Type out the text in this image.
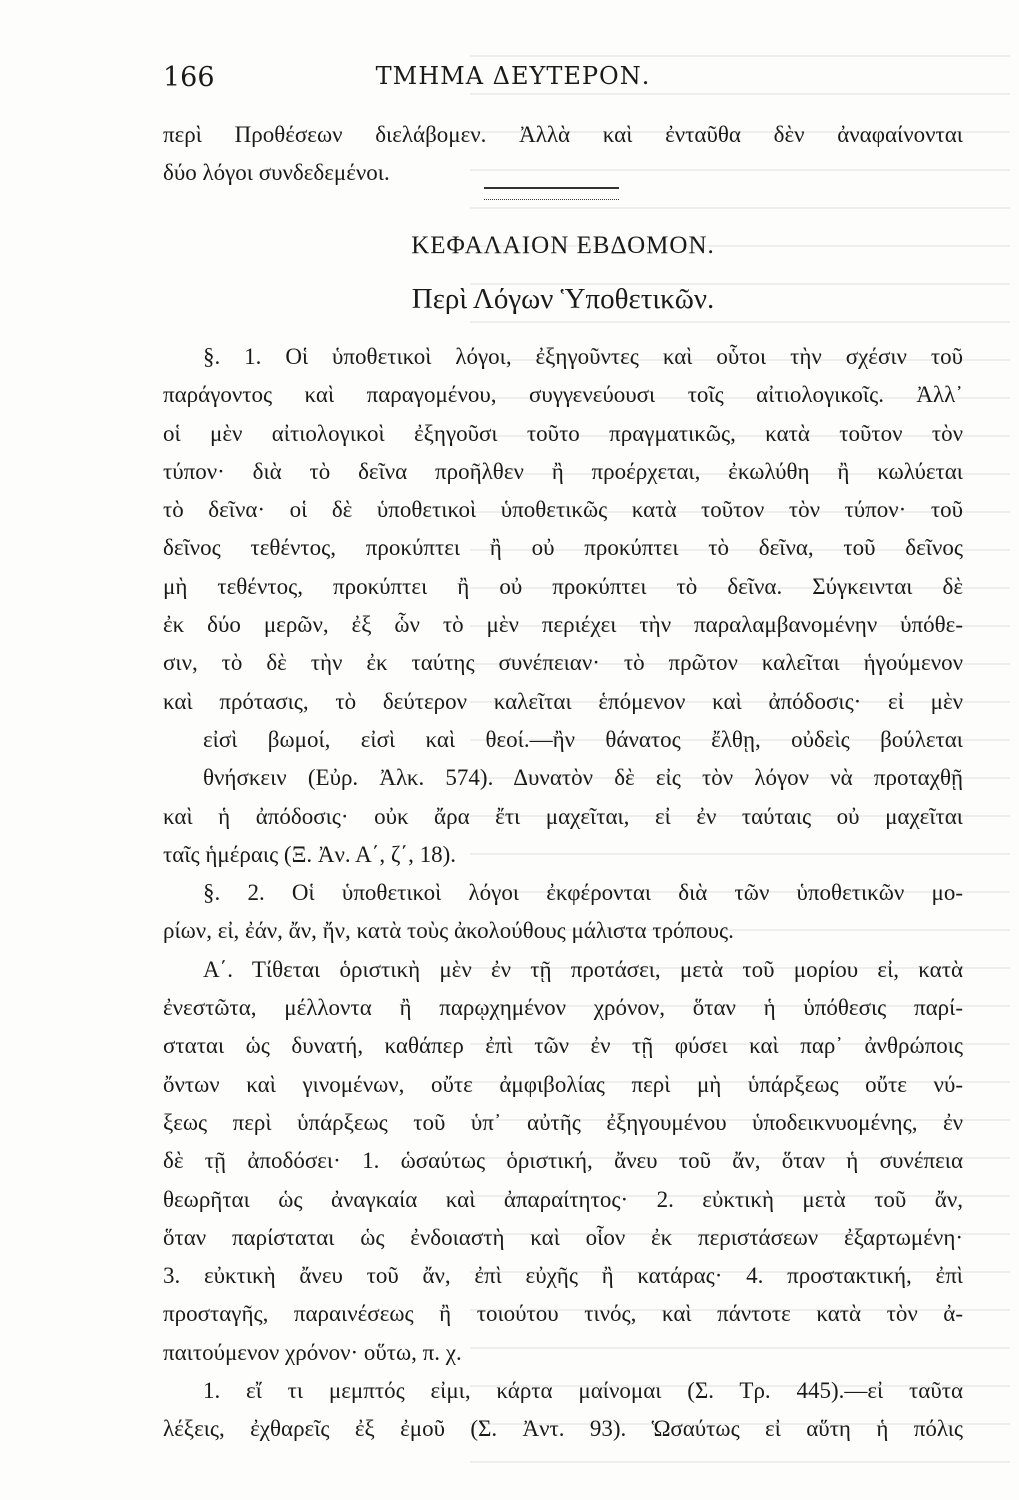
166	ΤΜΗΜΑ ΔΕΥΤΕΡΟΝ.
περὶ Προθέσεων διελάβομεν. Ἀλλὰ καὶ ἐνταῦθα δὲν ἀναφαίνονται
δύο λόγοι συνδεδεμένοι.
ΚΕΦΑΛΑΙΟΝ ΕΒΔΟΜΟΝ.
Περὶ Λόγων Ὑποθετικῶν.
§. 1. Οἱ ὑποθετικοὶ λόγοι, ἐξηγοῦντες καὶ οὗτοι τὴν σχέσιν τοῦ
παράγοντος καὶ παραγομένου, συγγενεύουσι τοῖς αἰτιολογικοῖς. Ἀλλ᾽
οἱ μὲν αἰτιολογικοὶ ἐξηγοῦσι τοῦτο πραγματικῶς, κατὰ τοῦτον τὸν
τύπον· διὰ τὸ δεῖνα προῆλθεν ἢ προέρχεται, ἐκωλύθη ἢ κωλύεται
τὸ δεῖνα· οἱ δὲ ὑποθετικοὶ ὑποθετικῶς κατὰ τοῦτον τὸν τύπον· τοῦ
δεῖνος τεθέντος, προκύπτει ἢ οὐ προκύπτει τὸ δεῖνα, τοῦ δεῖνος
μὴ τεθέντος, προκύπτει ἢ οὐ προκύπτει τὸ δεῖνα. Σύγκεινται δὲ
ἐκ δύο μερῶν, ἐξ ὧν τὸ μὲν περιέχει τὴν παραλαμβανομένην ὑπόθε-
σιν, τὸ δὲ τὴν ἐκ ταύτης συνέπειαν· τὸ πρῶτον καλεῖται ἡγούμενον
καὶ πρότασις, τὸ δεύτερον καλεῖται ἑπόμενον καὶ ἀπόδοσις· εἰ μὲν
εἰσὶ βωμοί, εἰσὶ καὶ θεοί.—ἢν θάνατος ἔλθῃ, οὐδεὶς βούλεται
θνήσκειν (Εὐρ. Ἀλκ. 574). Δυνατὸν δὲ εἰς τὸν λόγον νὰ προταχθῇ
καὶ ἡ ἀπόδοσις· οὐκ ἄρα ἔτι μαχεῖται, εἰ ἐν ταύταις οὐ μαχεῖται
ταῖς ἡμέραις (Ξ. Ἀν. Α΄, ζ΄, 18).
§. 2. Οἱ ὑποθετικοὶ λόγοι ἐκφέρονται διὰ τῶν ὑποθετικῶν μο-
ρίων, εἰ, ἐάν, ἄν, ἤν, κατὰ τοὺς ἀκολούθους μάλιστα τρόπους.
Α΄. Τίθεται ὁριστικὴ μὲν ἐν τῇ προτάσει, μετὰ τοῦ μορίου εἰ, κατὰ
ἐνεστῶτα, μέλλοντα ἢ παρῳχημένον χρόνον, ὅταν ἡ ὑπόθεσις παρί-
σταται ὡς δυνατή, καθάπερ ἐπὶ τῶν ἐν τῇ φύσει καὶ παρ᾽ ἀνθρώποις
ὄντων καὶ γινομένων, οὔτε ἀμφιβολίας περὶ μὴ ὑπάρξεως οὔτε νύ-
ξεως περὶ ὑπάρξεως τοῦ ὑπ᾽ αὐτῆς ἐξηγουμένου ὑποδεικνυομένης, ἐν
δὲ τῇ ἀποδόσει· 1. ὡσαύτως ὁριστική, ἄνευ τοῦ ἄν, ὅταν ἡ συνέπεια
θεωρῆται ὡς ἀναγκαία καὶ ἀπαραίτητος· 2. εὐκτικὴ μετὰ τοῦ ἄν,
ὅταν παρίσταται ὡς ἐνδοιαστὴ καὶ οἷον ἐκ περιστάσεων ἐξαρτωμένη·
3. εὐκτικὴ ἄνευ τοῦ ἄν, ἐπὶ εὐχῆς ἢ κατάρας· 4. προστακτική, ἐπὶ
προσταγῆς, παραινέσεως ἢ τοιούτου τινός, καὶ πάντοτε κατὰ τὸν ἀ-
παιτούμενον χρόνον· οὕτω, π. χ.
1. εἴ τι μεμπτός εἰμι, κάρτα μαίνομαι (Σ. Τρ. 445).—εἰ ταῦτα
λέξεις, ἐχθαρεῖς ἐξ ἐμοῦ (Σ. Ἀντ. 93). Ὡσαύτως εἰ αὕτη ἡ πόλις
